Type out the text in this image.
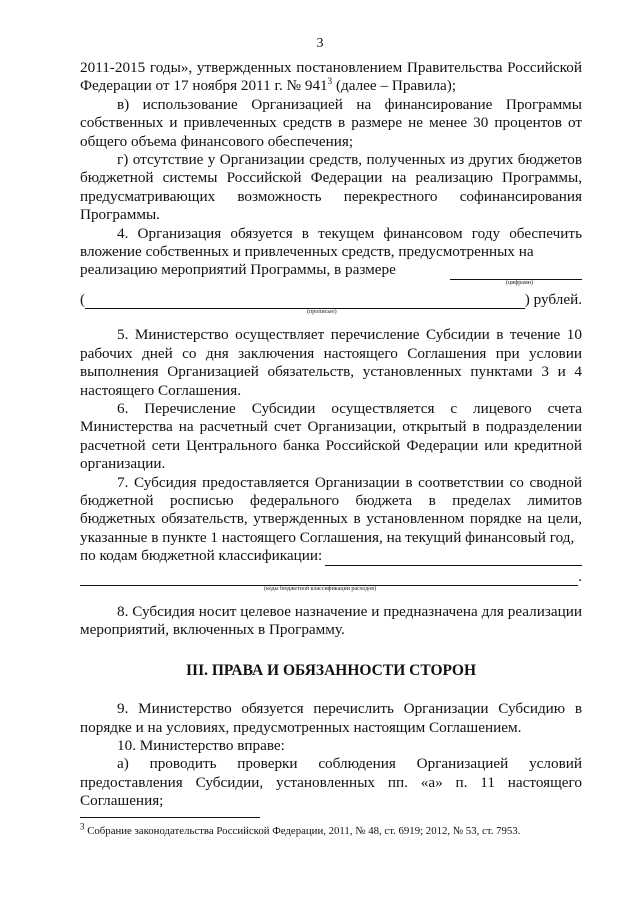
3

2011-2015 годы», утвержденных постановлением Правительства Российской Федерации от 17 ноября 2011 г. № $941^3$ (далее – Правила);

в) использование Организацией на финансирование Программы собственных и привлеченных средств в размере не менее 30 процентов от общего объема финансового обеспечения;

г) отсутствие у Организации средств, полученных из других бюджетов бюджетной системы Российской Федерации на реализацию Программы, предусматривающих возможность перекрестного софинансирования Программы.

4. Организация обязуется в текущем финансовом году обеспечить вложение собственных и привлеченных средств, предусмотренных на

реализацию мероприятий Программы, в размере
(цифрами)
(
(прописью)
) рублей.

5. Министерство осуществляет перечисление Субсидии в течение 10 рабочих дней со дня заключения настоящего Соглашения при условии выполнения Организацией обязательств, установленных пунктами 3 и 4 настоящего Соглашения.

6. Перечисление Субсидии осуществляется с лицевого счета Министерства на расчетный счет Организации, открытый в подразделении расчетной сети Центрального банка Российской Федерации или кредитной организации.

7. Субсидия предоставляется Организации в соответствии со сводной бюджетной росписью федерального бюджета в пределах лимитов бюджетных обязательств, утвержденных в установленном порядке на цели, указанные в пункте 1 настоящего Соглашения, на текущий финансовый год,

по кодам бюджетной классификации:
(коды бюджетной классификации расходов)
.

8. Субсидия носит целевое назначение и предназначена для реализации мероприятий, включенных в Программу.

III. ПРАВА И ОБЯЗАННОСТИ СТОРОН

9. Министерство обязуется перечислить Организации Субсидию в порядке и на условиях, предусмотренных настоящим Соглашением.

10. Министерство вправе:

а) проводить проверки соблюдения Организацией условий предоставления Субсидии, установленных пп. «а» п. 11 настоящего Соглашения;

$^3$ Собрание законодательства Российской Федерации, 2011, № 48, ст. 6919; 2012, № 53, ст. 7953.
